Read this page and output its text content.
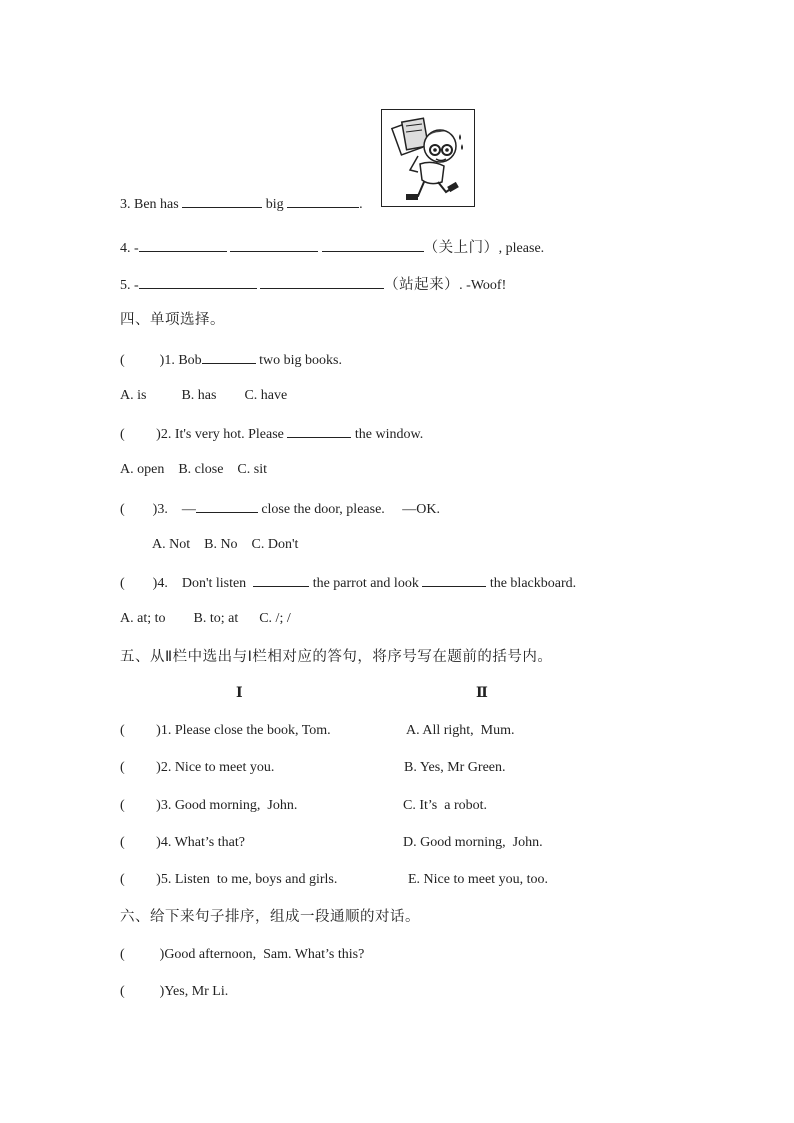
3. Ben has	big	.
4. -	（关上门）, please.
5. -	（站起来）. -Woof!
四、单项选择。
(          )1. Bob	two big books.
A. is          B. has        C. have
(         )2. It's very hot. Please	the window.
A. open    B. close    C. sit
(        )3.    —	close the door, please.     —OK.
A. Not    B. No    C. Don't
(        )4.    Don't listen	the parrot and look	the blackboard.
A. at; to        B. to; at      C. /; /
五、从Ⅱ栏中选出与Ⅰ栏相对应的答句，将序号写在题前的括号内。
Ⅰ	Ⅱ
(         )1. Please close the book, Tom.	A. All right,  Mum.
(         )2. Nice to meet you.	B. Yes, Mr Green.
(         )3. Good morning,  John.	C. It’s  a robot.
(         )4. What’s that?	D. Good morning,  John.
(         )5. Listen  to me, boys and girls.	E. Nice to meet you, too.
六、给下来句子排序，组成一段通顺的对话。
(          )Good afternoon,  Sam. What’s this?
(          )Yes, Mr Li.
